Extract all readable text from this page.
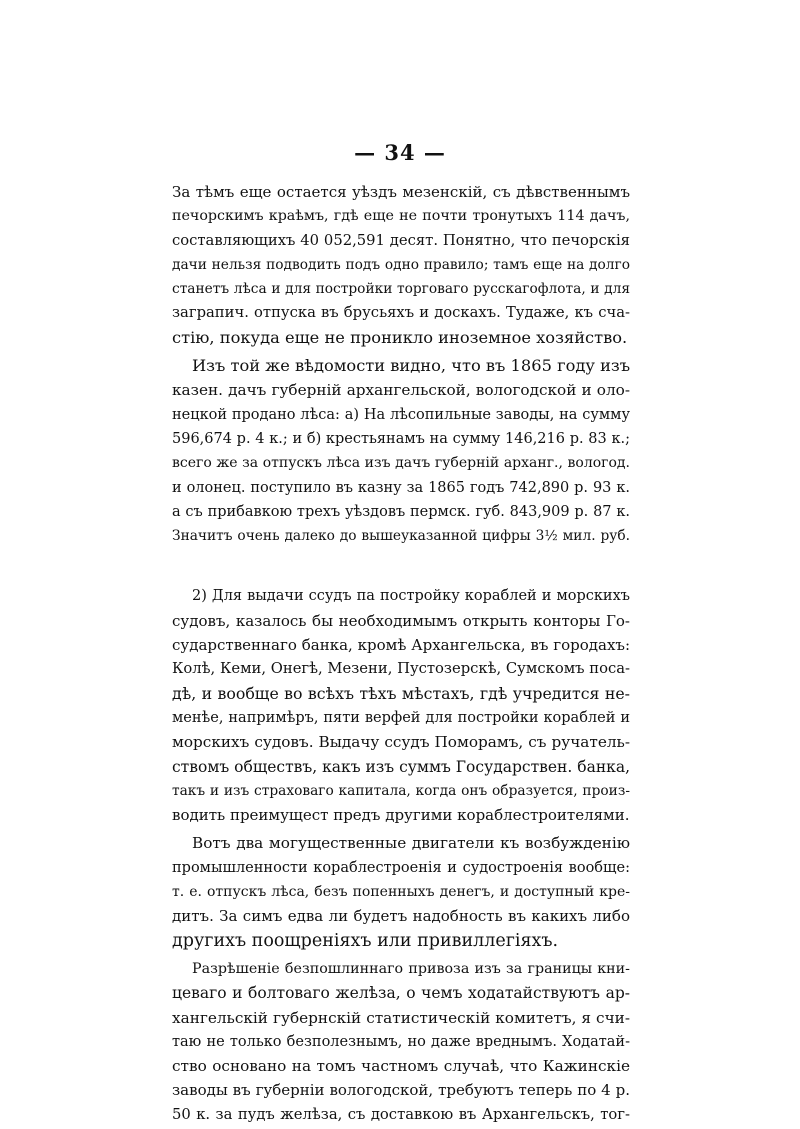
— 34 —
За тѣмъ еще остается уѣздъ мезенскій, съ дѣвственнымъ
печорскимъ краѣмъ, гдѣ еще не почти тронутыхъ 114 дачъ,
составляющихъ 40 052,591 десят. Понятно, что печорскія
дачи нельзя подводить подъ одно правило; тамъ еще на долго
станетъ лѣса и для постройки торговаго русскагофлота, и для
заграпич. отпуска въ брусьяхъ и доскахъ. Тудаже, къ сча-
стію, покуда еще не проникло иноземное хозяйство.
Изъ той же вѣдомости видно, что въ 1865 году изъ
казен. дачъ губерній архангельской, вологодской и оло-
нецкой продано лѣса: а) На лѣсопильные заводы, на сумму
596,674 р. 4 к.; и б) крестьянамъ на сумму 146,216 р. 83 к.;
всего же за отпускъ лѣса изъ дачъ губерній арханг., вологод.
и олонец. поступило въ казну за 1865 годъ 742,890 р. 93 к.
а съ прибавкою трехъ уѣздовъ пермск. губ. 843,909 р. 87 к.
Значитъ очень далеко до вышеуказанной цифры 3½ мил. руб.
2) Для выдачи ссудъ па постройку кораблей и морскихъ
судовъ, казалось бы необходимымъ открыть конторы Го-
сударственнаго банка, кромѣ Архангельска, въ городахъ:
Колѣ, Кеми, Онегѣ, Мезени, Пустозерскѣ, Сумскомъ поса-
дѣ, и вообще во всѣхъ тѣхъ мѣстахъ, гдѣ учредится не-
менѣе, напримѣръ, пяти верфей для постройки кораблей и
морскихъ судовъ. Выдачу ссудъ Поморамъ, съ ручатель-
ствомъ обществъ, какъ изъ суммъ Государствен. банка,
такъ и изъ страховаго капитала, когда онъ образуется, произ-
водить преимущест предъ другими кораблестроителями.
Вотъ два могущественные двигатели къ возбужденію
промышленности кораблестроенія и судостроенія вообще:
т. е. отпускъ лѣса, безъ попенныхъ денегъ, и доступный кре-
дитъ. За симъ едва ли будетъ надобность въ какихъ либо
другихъ поощреніяхъ или привиллегіяхъ.
Разрѣшеніе безпошлиннаго привоза изъ за границы кни-
цеваго и болтоваго желѣза, о чемъ ходатайствуютъ ар-
хангельскій губернскій статистическій комитетъ, я счи-
таю не только безполезнымъ, но даже вреднымъ. Ходатай-
ство основано на томъ частномъ случаѣ, что Кажинскіе
заводы въ губерніи вологодской, требуютъ теперь по 4 р.
50 к. за пудъ желѣза, съ доставкою въ Архангельскъ, тог-
